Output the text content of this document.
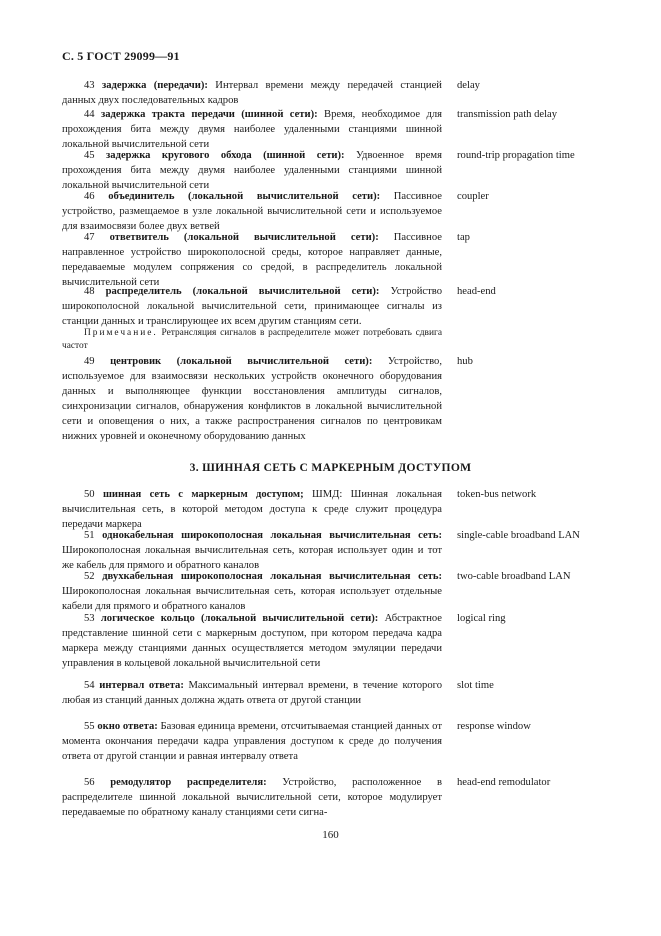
С. 5 ГОСТ 29099—91
43 задержка (передачи): Интервал времени между передачей станцией данных двух последовательных кадров
delay
44 задержка тракта передачи (шинной сети): Время, необходимое для прохождения бита между двумя наиболее удаленными станциями шинной локальной вычислительной сети
transmission path delay
45 задержка кругового обхода (шинной сети): Удвоенное время прохождения бита между двумя наиболее удаленными станциями шинной локальной вычислительной сети
round-trip propagation time
46 объединитель (локальной вычислительной сети): Пассивное устройство, размещаемое в узле локальной вычислительной сети и используемое для взаимосвязи более двух ветвей
coupler
47 ответвитель (локальной вычислительной сети): Пассивное направленное устройство широкополосной среды, которое направляет данные, передаваемые модулем сопряжения со средой, в распределитель локальной вычислительной сети
tap
48 распределитель (локальной вычислительной сети): Устройство широкополосной локальной вычислительной сети, принимающее сигналы из станции данных и транслирующее их всем другим станциям сети.
head-end
Примечание. Ретрансляция сигналов в распределителе может потребовать сдвига частот
49 центровик (локальной вычислительной сети): Устройство, используемое для взаимосвязи нескольких устройств оконечного оборудования данных и выполняющее функции восстановления амплитуды сигналов, синхронизации сигналов, обнаружения конфликтов в локальной вычислительной сети и оповещения о них, а также распространения сигналов по центровикам нижних уровней и оконечному оборудованию данных
hub
3. ШИННАЯ СЕТЬ С МАРКЕРНЫМ ДОСТУПОМ
50 шинная сеть с маркерным доступом; ШМД: Шинная локальная вычислительная сеть, в которой методом доступа к среде служит процедура передачи маркера
token-bus network
51 однокабельная широкополосная локальная вычислительная сеть: Широкополосная локальная вычислительная сеть, которая использует один и тот же кабель для прямого и обратного каналов
single-cable broadband LAN
52 двухкабельная широкополосная локальная вычислительная сеть: Широкополосная локальная вычислительная сеть, которая использует отдельные кабели для прямого и обратного каналов
two-cable broadband LAN
53 логическое кольцо (локальной вычислительной сети): Абстрактное представление шинной сети с маркерным доступом, при котором передача кадра маркера между станциями данных осуществляется методом эмуляции передачи управления в кольцевой локальной вычислительной сети
logical ring
54 интервал ответа: Максимальный интервал времени, в течение которого любая из станций данных должна ждать ответа от другой станции
slot time
55 окно ответа: Базовая единица времени, отсчитываемая станцией данных от момента окончания передачи кадра управления доступом к среде до получения ответа от другой станции и равная интервалу ответа
response window
56 ремодулятор распределителя: Устройство, расположенное в распределителе шинной локальной вычислительной сети, которое модулирует передаваемые по обратному каналу станциями сети сигна-
head-end remodulator
160
